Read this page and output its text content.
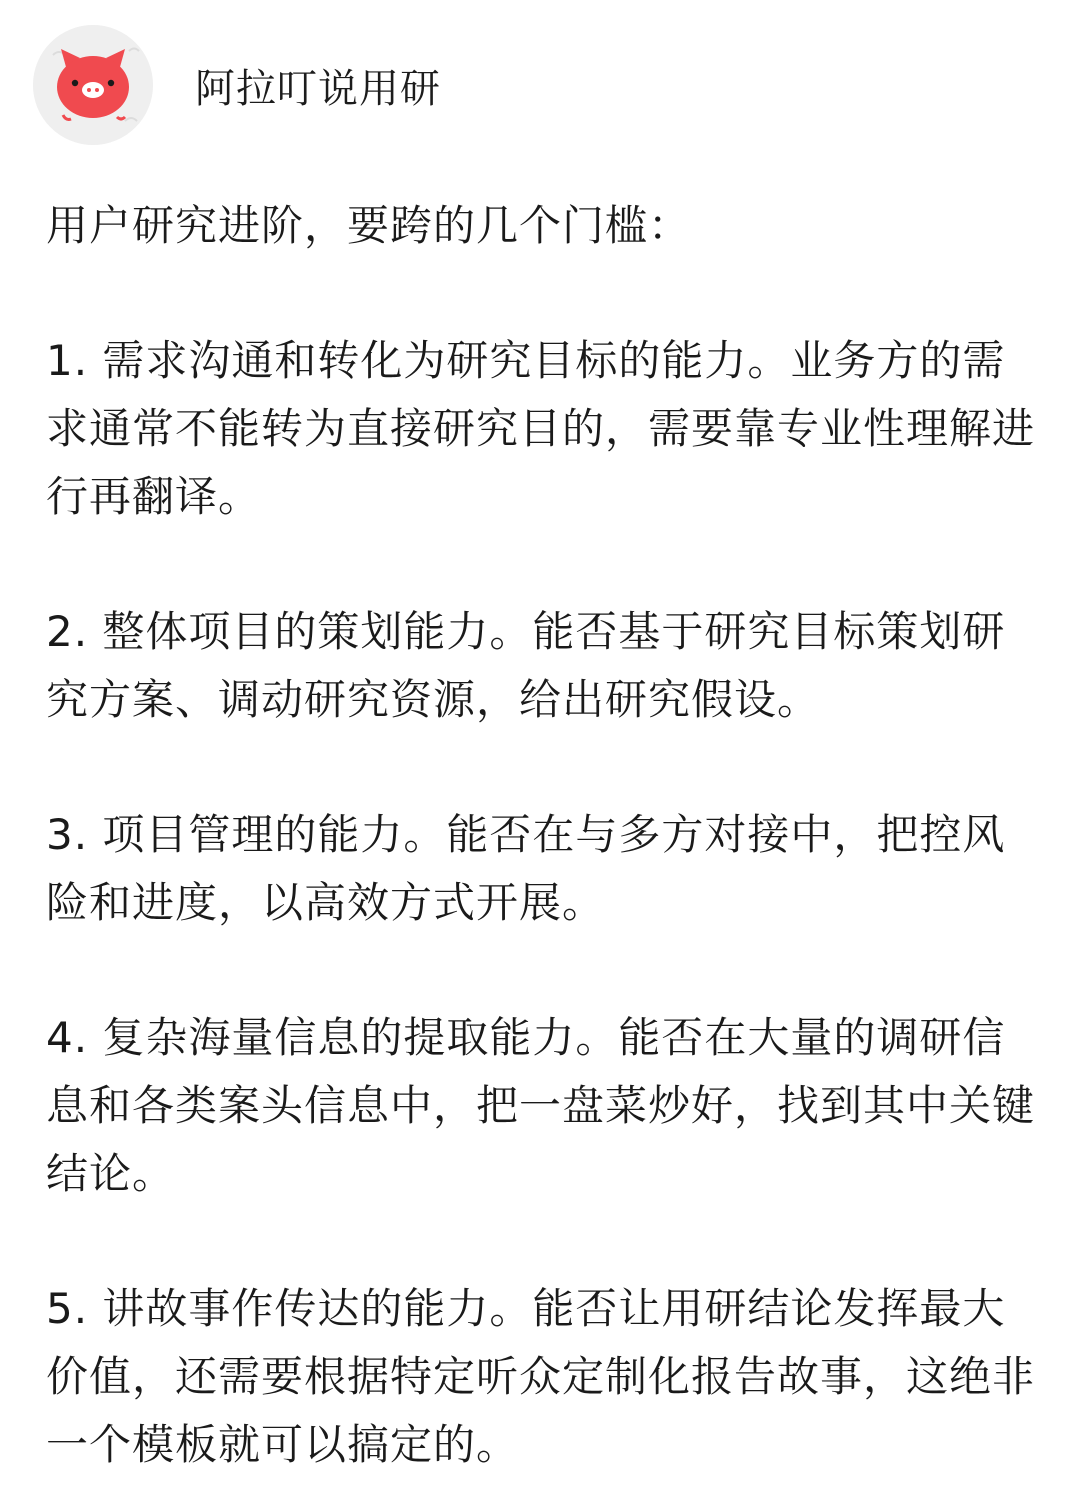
阿拉叮说用研

用户研究进阶，要跨的几个门槛：

1. 需求沟通和转化为研究目标的能力。业务方的需求通常不能转为直接研究目的，需要靠专业性理解进行再翻译。

2. 整体项目的策划能力。能否基于研究目标策划研究方案、调动研究资源，给出研究假设。

3. 项目管理的能力。能否在与多方对接中，把控风险和进度，以高效方式开展。

4. 复杂海量信息的提取能力。能否在大量的调研信息和各类案头信息中，把一盘菜炒好，找到其中关键结论。

5. 讲故事作传达的能力。能否让用研结论发挥最大价值，还需要根据特定听众定制化报告故事，这绝非一个模板就可以搞定的。
